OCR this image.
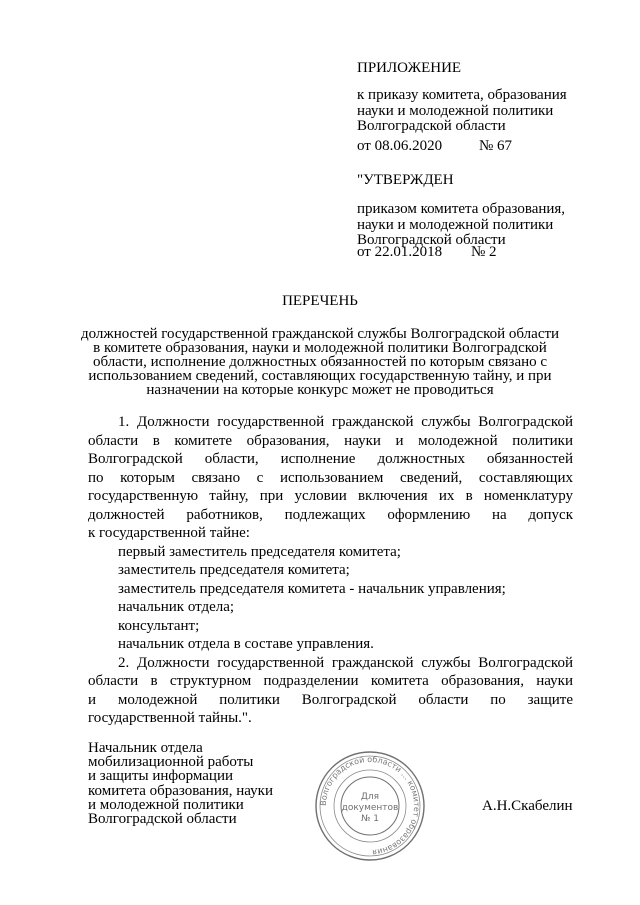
ПРИЛОЖЕНИЕ
к приказу комитета, образования
науки и молодежной политики
Волгоградской области
от 08.06.2020 № 67
"УТВЕРЖДЕН
приказом комитета образования,
науки и молодежной политики
Волгоградской области
от 22.01.2018 № 2
ПЕРЕЧЕНЬ
должностей государственной гражданской службы Волгоградской области
в комитете образования, науки и молодежной политики Волгоградской
области, исполнение должностных обязанностей по которым связано с
использованием сведений, составляющих государственную тайну, и при
назначении на которые конкурс может не проводиться
1. Должности государственной гражданской службы Волгоградской
области в комитете образования, науки и молодежной политики
Волгоградской области, исполнение должностных обязанностей
по которым связано с использованием сведений, составляющих
государственную тайну, при условии включения их в номенклатуру
должностей работников, подлежащих оформлению на допуск
к государственной тайне:
первый заместитель председателя комитета;
заместитель председателя комитета;
заместитель председателя комитета - начальник управления;
начальник отдела;
консультант;
начальник отдела в составе управления.
2. Должности государственной гражданской службы Волгоградской
области в структурном подразделении комитета образования, науки
и молодежной политики Волгоградской области по защите
государственной тайны.".
Начальник отдела
мобилизационной работы
и защиты информации
комитета образования, науки
и молодежной политики
Волгоградской области
Волгоградской области ... комитет образования
Для
документов
№ 1
А.Н.Скабелин
